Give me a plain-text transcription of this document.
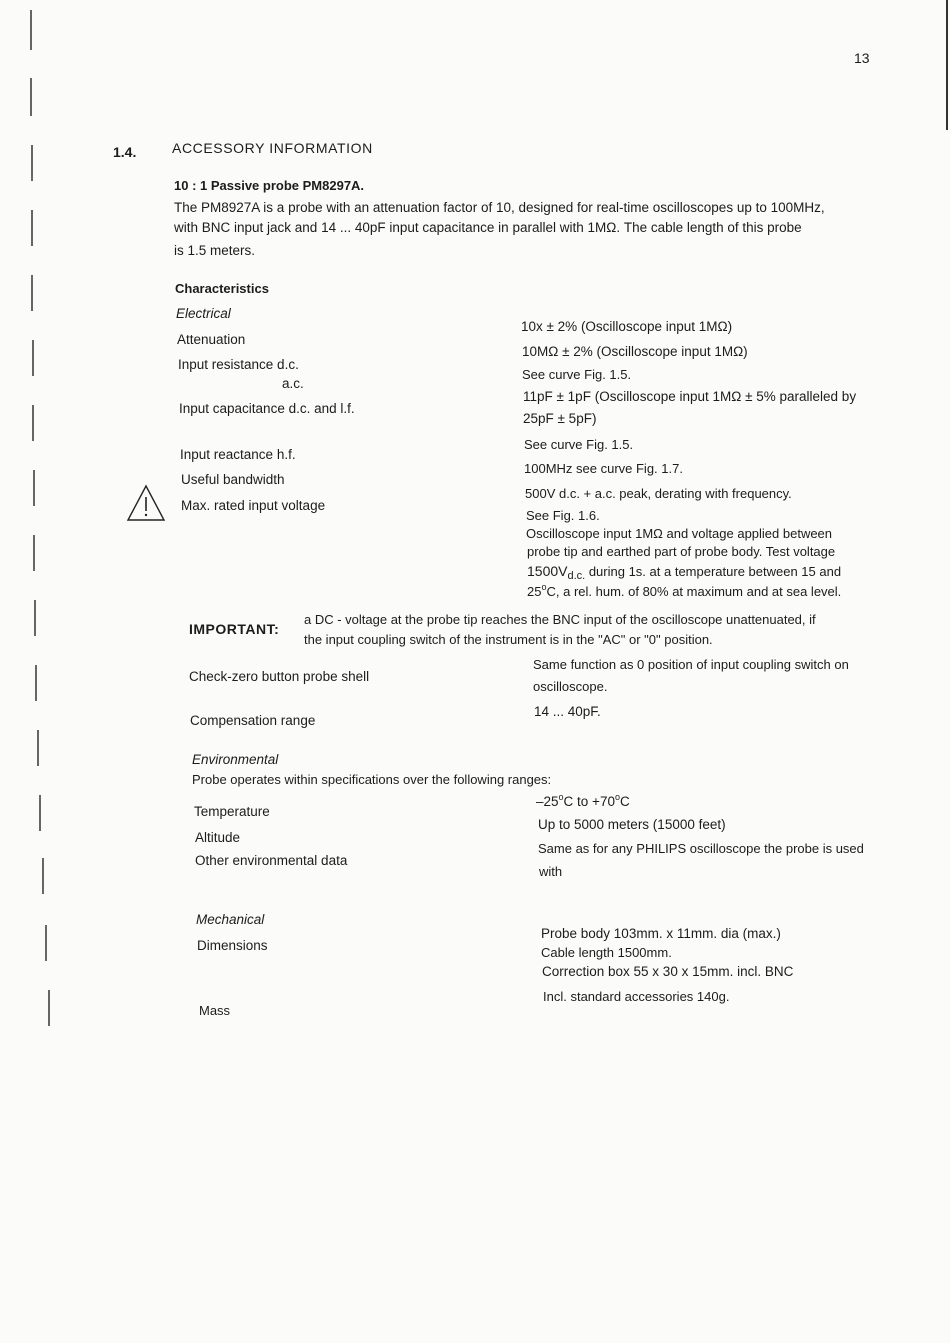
13
1.4.	ACCESSORY INFORMATION
10 : 1 Passive probe PM8297A.
The PM8927A is a probe with an attenuation factor of 10, designed for real-time oscilloscopes up to 100MHz,
with BNC input jack and 14 ... 40pF input capacitance in parallel with 1MΩ. The cable length of this probe
is 1.5 meters.
Characteristics
Electrical
Attenuation
Input resistance d.c.
a.c.
Input capacitance d.c. and l.f.
Input reactance h.f.
Useful bandwidth
Max. rated input voltage
10x ± 2% (Oscilloscope input 1MΩ)
10MΩ ± 2% (Oscilloscope input 1MΩ)
See curve Fig. 1.5.
11pF ± 1pF (Oscilloscope input 1MΩ ± 5% paralleled by
25pF ± 5pF)
See curve Fig. 1.5.
100MHz see curve Fig. 1.7.
500V d.c. + a.c. peak, derating with frequency.
See Fig. 1.6.
Oscilloscope input 1MΩ and voltage applied between
probe tip and earthed part of probe body. Test voltage
$1500V_{d.c.}$ during 1s. at a temperature between 15 and
25$^o$C, a rel. hum. of 80% at maximum and at sea level.
IMPORTANT:
a DC - voltage at the probe tip reaches the BNC input of the oscilloscope unattenuated, if
the input coupling switch of the instrument is in the "AC" or "0" position.
Check-zero button probe shell
Same function as 0 position of input coupling switch on
oscilloscope.
Compensation range
14 ... 40pF.
Environmental
Probe operates within specifications over the following ranges:
Temperature
–25$^o$C to $+70^oC$
Altitude
Up to 5000 meters (15000 feet)
Other environmental data
Same as for any PHILIPS oscilloscope the probe is used
with
Mechanical
Dimensions
Probe body 103mm. x 11mm. dia (max.)
Cable length 1500mm.
Correction box 55 x 30 x 15mm. incl. BNC
Mass
Incl. standard accessories 140g.
